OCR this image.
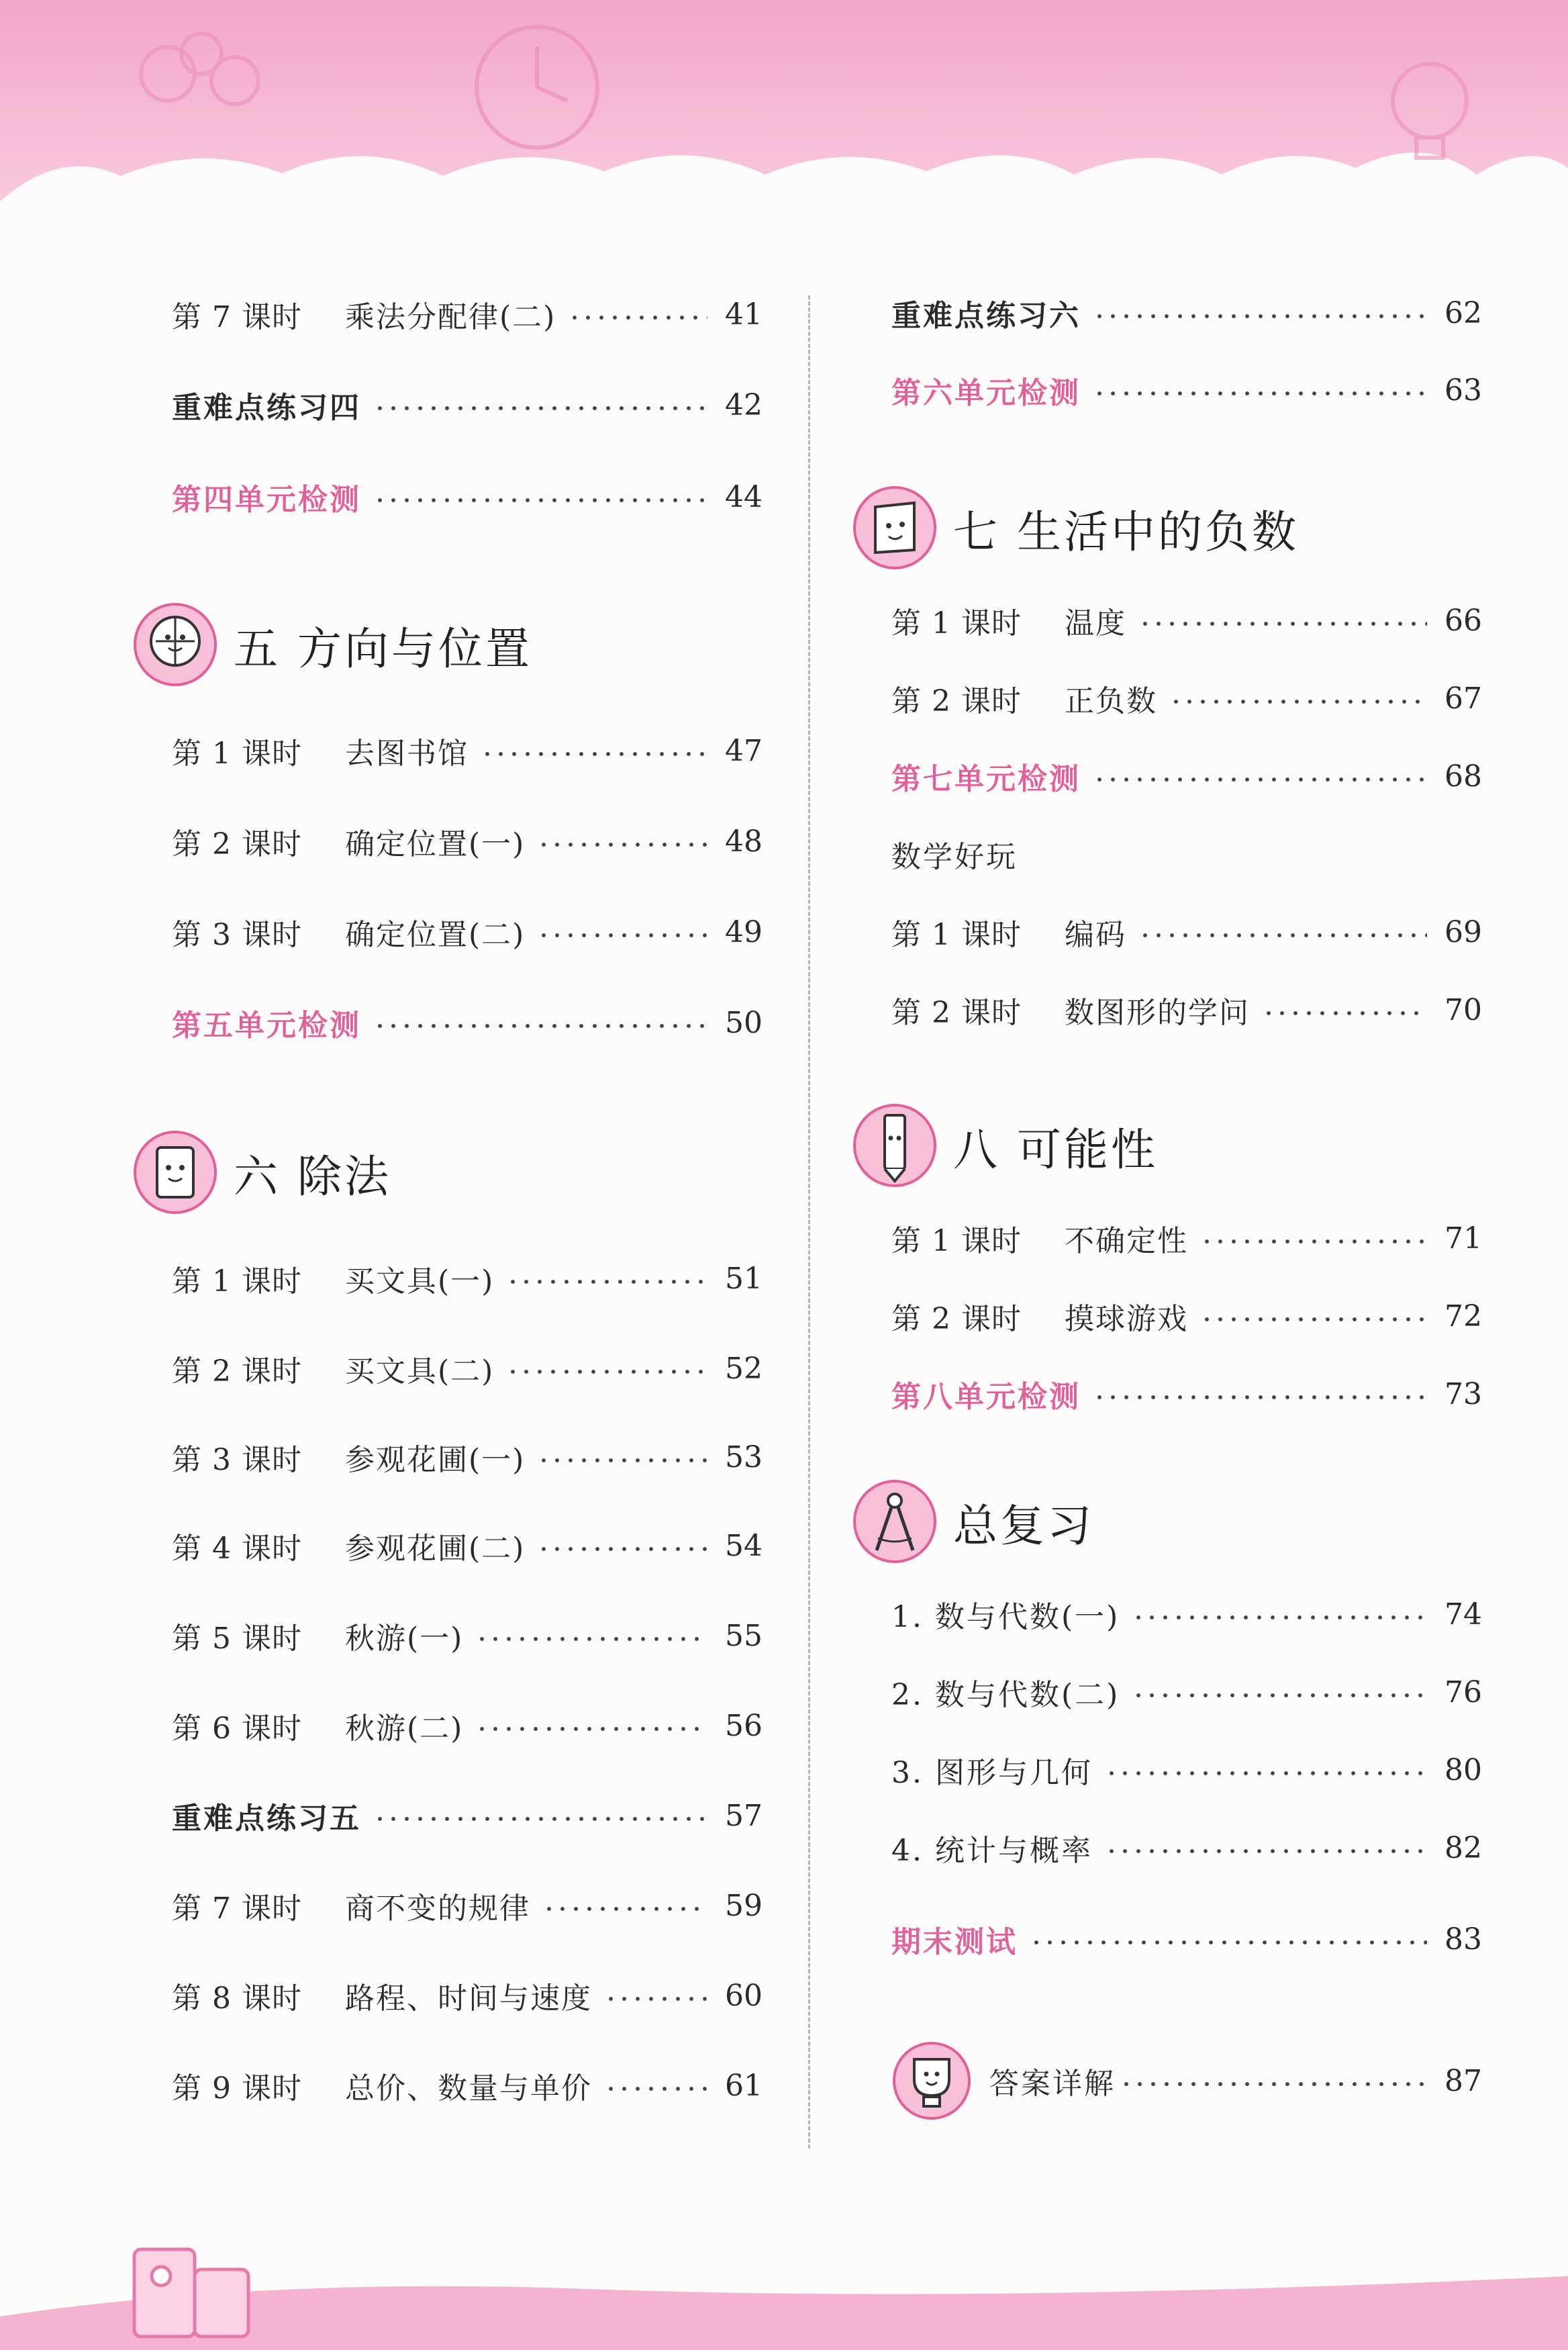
第 7 课时	乘法分配律(二)	41
重难点练习四	42
第四单元检测	44
五 方向与位置
第 1 课时	去图书馆	47
第 2 课时	确定位置(一)	48
第 3 课时	确定位置(二)	49
第五单元检测	50
六 除法
第 1 课时	买文具(一)	51
第 2 课时	买文具(二)	52
第 3 课时	参观花圃(一)	53
第 4 课时	参观花圃(二)	54
第 5 课时	秋游(一)	55
第 6 课时	秋游(二)	56
重难点练习五	57
第 7 课时	商不变的规律	59
第 8 课时	路程、时间与速度	60
第 9 课时	总价、数量与单价	61
重难点练习六	62
第六单元检测	63
七 生活中的负数
第 1 课时	温度	66
第 2 课时	正负数	67
第七单元检测	68
数学好玩
第 1 课时	编码	69
第 2 课时	数图形的学问	70
八 可能性
第 1 课时	不确定性	71
第 2 课时	摸球游戏	72
第八单元检测	73
总复习
1. 数与代数(一)	74
2. 数与代数(二)	76
3. 图形与几何	80
4. 统计与概率	82
期末测试	83
答案详解	87
